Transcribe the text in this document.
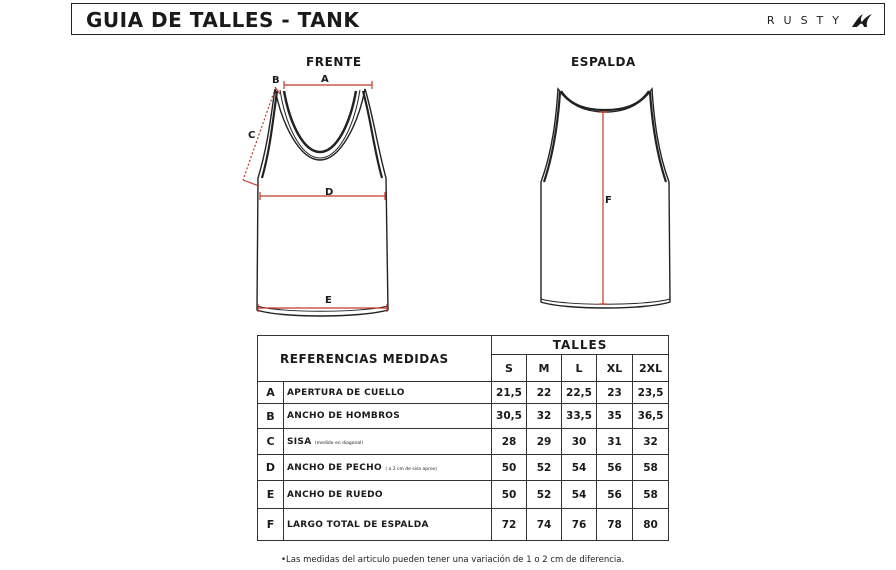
GUIA DE TALLES - TANK	RUSTY
FRENTE	ESPALDA
A
B
C
D
E
F
REFERENCIAS MEDIDAS		TALLES				
		S	M	L	XL	2XL
A	APERTURA DE CUELLO	21,5	22	22,5	23	23,5
B	ANCHO DE HOMBROS	30,5	32	33,5	35	36,5
C	SISA (medido en diagonal)	28	29	30	31	32
D	ANCHO DE PECHO ( a 2 cm de sisa aprox)	50	52	54	56	58
E	ANCHO DE RUEDO	50	52	54	56	58
F	LARGO TOTAL DE ESPALDA	72	74	76	78	80
•Las medidas del articulo pueden tener una variación de 1 o 2 cm de diferencia.
